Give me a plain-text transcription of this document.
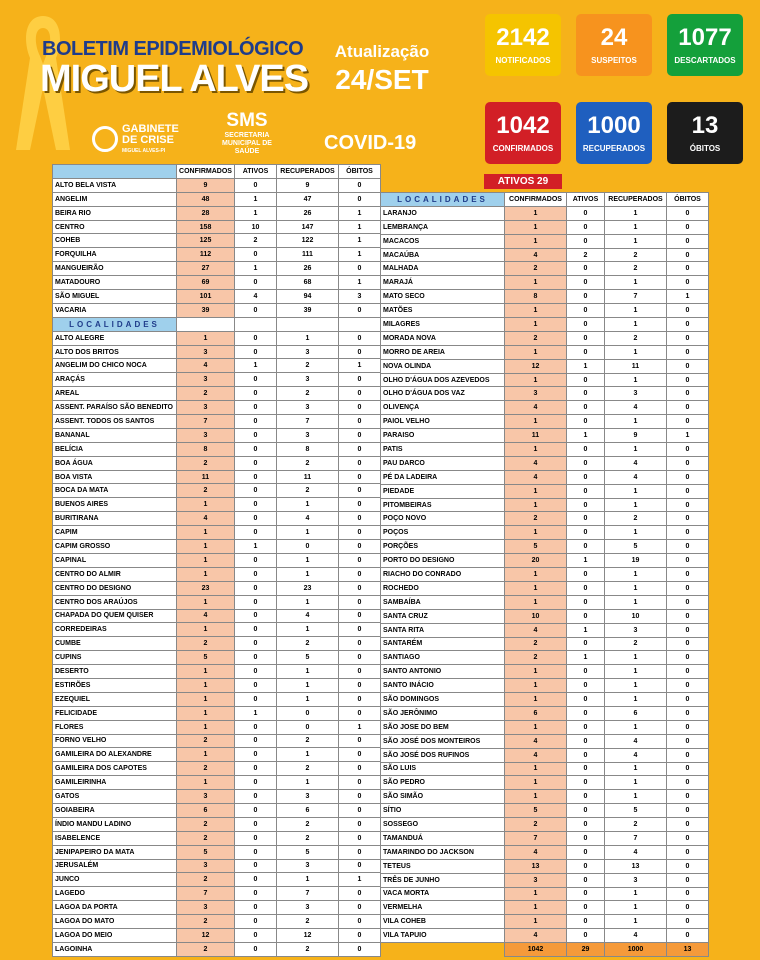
BOLETIM EPIDEMIOLÓGICO
MIGUEL ALVES
Atualização
24/SET
GABINETE DE CRISE
MIGUEL ALVES-PI
SMS
SECRETARIA MUNICIPAL DE SAÚDE	COVID-19
2142
NOTIFICADOS
24
SUSPEITOS
1077
DESCARTADOS
1042
CONFIRMADOS
1000
RECUPERADOS
13
ÓBITOS
ATIVOS 29
	CONFIRMADOS	ATIVOS	RECUPERADOS	ÓBITOS
ALTO BELA VISTA	9	0	9	0
ANGELIM	48	1	47	0
BEIRA RIO	28	1	26	1
CENTRO	158	10	147	1
COHEB	125	2	122	1
FORQUILHA	112	0	111	1
MANGUEIRÃO	27	1	26	0
MATADOURO	69	0	68	1
SÃO MIGUEL	101	4	94	3
VACARIA	39	0	39	0
LOCALIDADES				
ALTO ALEGRE	1	0	1	0
ALTO DOS BRITOS	3	0	3	0
ANGELIM DO CHICO NOCA	4	1	2	1
ARAÇÁS	3	0	3	0
AREAL	2	0	2	0
ASSENT. PARAÍSO SÃO BENEDITO	3	0	3	0
ASSENT. TODOS OS SANTOS	7	0	7	0
BANANAL	3	0	3	0
BELÍCIA	8	0	8	0
BOA ÁGUA	2	0	2	0
BOA VISTA	11	0	11	0
BOCA DA MATA	2	0	2	0
BUENOS AIRES	1	0	1	0
BURITIRANA	4	0	4	0
CAPIM	1	0	1	0
CAPIM GROSSO	1	1	0	0
CAPINAL	1	0	1	0
CENTRO DO ALMIR	1	0	1	0
CENTRO DO DESIGNO	23	0	23	0
CENTRO DOS ARAÚJOS	1	0	1	0
CHAPADA DO QUEM QUISER	4	0	4	0
CORREDEIRAS	1	0	1	0
CUMBE	2	0	2	0
CUPINS	5	0	5	0
DESERTO	1	0	1	0
ESTIRÕES	1	0	1	0
EZEQUIEL	1	0	1	0
FELICIDADE	1	1	0	0
FLORES	1	0	0	1
FORNO VELHO	2	0	2	0
GAMILEIRA DO ALEXANDRE	1	0	1	0
GAMILEIRA DOS CAPOTES	2	0	2	0
GAMILEIRINHA	1	0	1	0
GATOS	3	0	3	0
GOIABEIRA	6	0	6	0
ÍNDIO MANDU LADINO	2	0	2	0
ISABELENCE	2	0	2	0
JENIPAPEIRO DA MATA	5	0	5	0
JERUSALÉM	3	0	3	0
JUNCO	2	0	1	1
LAGEDO	7	0	7	0
LAGOA DA PORTA	3	0	3	0
LAGOA DO MATO	2	0	2	0
LAGOA DO MEIO	12	0	12	0
LAGOINHA	2	0	2	0
LOCALIDADES	CONFIRMADOS	ATIVOS	RECUPERADOS	ÓBITOS
LARANJO	1	0	1	0
LEMBRANÇA	1	0	1	0
MACACOS	1	0	1	0
MACAÚBA	4	2	2	0
MALHADA	2	0	2	0
MARAJÁ	1	0	1	0
MATO SECO	8	0	7	1
MATÕES	1	0	1	0
MILAGRES	1	0	1	0
MORADA NOVA	2	0	2	0
MORRO DE AREIA	1	0	1	0
NOVA OLINDA	12	1	11	0
OLHO D'ÁGUA DOS AZEVEDOS	1	0	1	0
OLHO D'ÁGUA DOS VAZ	3	0	3	0
OLIVENÇA	4	0	4	0
PAIOL VELHO	1	0	1	0
PARAISO	11	1	9	1
PATIS	1	0	1	0
PAU DARCO	4	0	4	0
PÉ DA LADEIRA	4	0	4	0
PIEDADE	1	0	1	0
PITOMBEIRAS	1	0	1	0
POÇO NOVO	2	0	2	0
POÇOS	1	0	1	0
PORÇÕES	5	0	5	0
PORTO DO DESIGNO	20	1	19	0
RIACHO DO CONRADO	1	0	1	0
ROCHEDO	1	0	1	0
SAMBAÍBA	1	0	1	0
SANTA CRUZ	10	0	10	0
SANTA RITA	4	1	3	0
SANTARÉM	2	0	2	0
SANTIAGO	2	1	1	0
SANTO ANTONIO	1	0	1	0
SANTO INÁCIO	1	0	1	0
SÃO DOMINGOS	1	0	1	0
SÃO JERÔNIMO	6	0	6	0
SÃO JOSE DO BEM	1	0	1	0
SÃO JOSÉ DOS MONTEIROS	4	0	4	0
SÃO JOSÉ DOS RUFINOS	4	0	4	0
SÃO LUIS	1	0	1	0
SÃO PEDRO	1	0	1	0
SÃO SIMÃO	1	0	1	0
SÍTIO	5	0	5	0
SOSSEGO	2	0	2	0
TAMANDUÁ	7	0	7	0
TAMARINDO DO JACKSON	4	0	4	0
TETEUS	13	0	13	0
TRÊS DE JUNHO	3	0	3	0
VACA MORTA	1	0	1	0
VERMELHA	1	0	1	0
VILA COHEB	1	0	1	0
VILA TAPUIO	4	0	4	0
	1042	29	1000	13
